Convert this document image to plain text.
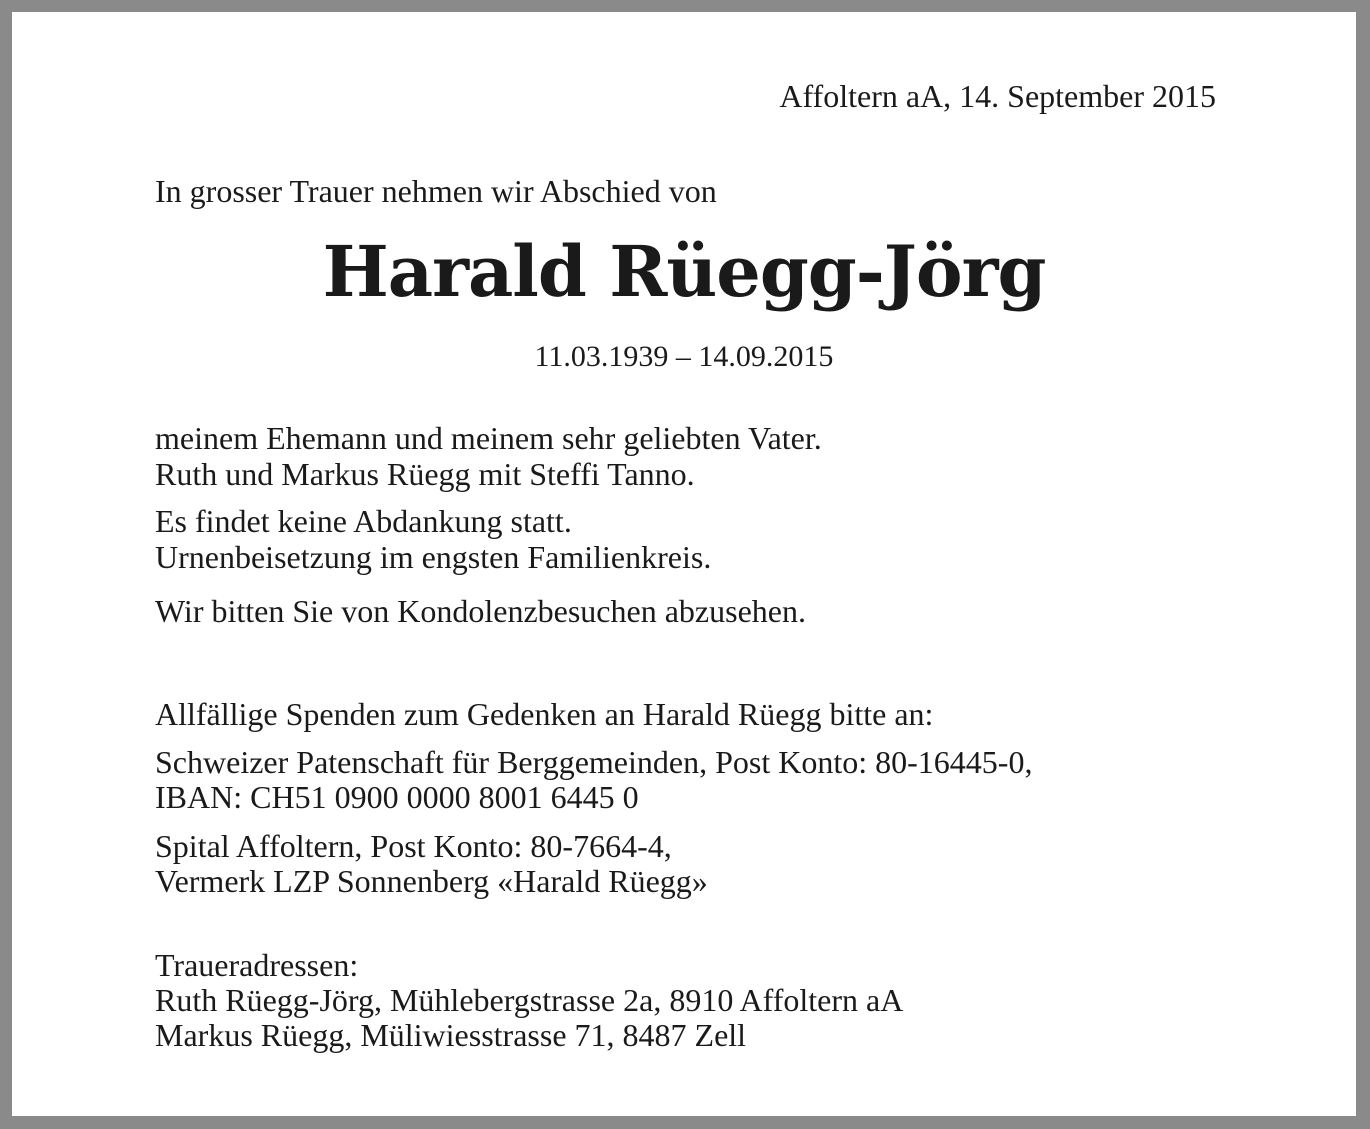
Affoltern aA, 14. September 2015

In grosser Trauer nehmen wir Abschied von

Harald Rüegg-Jörg

11.03.1939 – 14.09.2015

meinem Ehemann und meinem sehr geliebten Vater.

Ruth und Markus Rüegg mit Steffi Tanno.

Es findet keine Abdankung statt.

Urnenbeisetzung im engsten Familienkreis.

Wir bitten Sie von Kondolenzbesuchen abzusehen.

Allfällige Spenden zum Gedenken an Harald Rüegg bitte an:

Schweizer Patenschaft für Berggemeinden, Post Konto: 80-16445-0,

IBAN: CH51 0900 0000 8001 6445 0

Spital Affoltern, Post Konto: 80-7664-4,

Vermerk LZP Sonnenberg «Harald Rüegg»

Traueradressen:

Ruth Rüegg-Jörg, Mühlebergstrasse 2a, 8910 Affoltern aA

Markus Rüegg, Müliwiesstrasse 71, 8487 Zell
